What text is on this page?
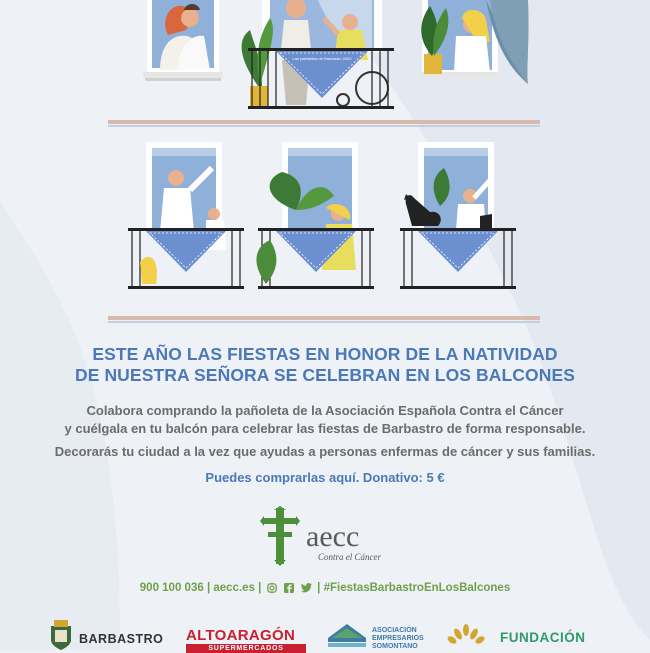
Las pañoletas de Barbastro 2020
ESTE AÑO LAS FIESTAS EN HONOR DE LA NATIVIDAD
DE NUESTRA SEÑORA SE CELEBRAN EN LOS BALCONES

Colabora comprando la pañoleta de la Asociación Española Contra el Cáncer

y cuélgala en tu balcón para celebrar las fiestas de Barbastro de forma responsable.

Decorarás tu ciudad a la vez que ayudas a personas enfermas de cáncer y sus familias.

Puedes comprarlas aquí. Donativo: 5 €
aecc
Contra el Cáncer
900 100 036 | aecc.es |	| #FiestasBarbastroEnLosBalcones
BARBASTRO ALTOARAGÓN
SUPERMERCADOS
ASOCIACIÓN
EMPRESARIOS
SOMONTANO
FUNDACIÓN
